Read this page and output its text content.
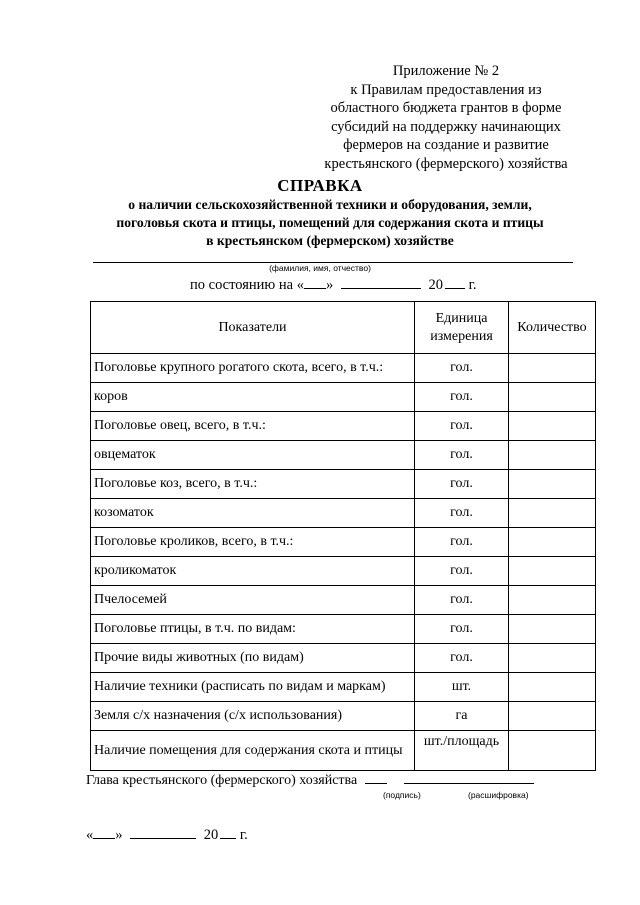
Приложение № 2
к Правилам предоставления из
областного бюджета грантов в форме
субсидий на поддержку начинающих
фермеров на создание и развитие
крестьянского (фермерского) хозяйства
СПРАВКА
о наличии сельскохозяйственной техники и оборудования, земли,
поголовья скота и птицы, помещений для содержания скота и птицы
в крестьянском (фермерском) хозяйстве
(фамилия, имя, отчество)
по состоянию на « »	20 г.
Показатели	Единица измерения	Количество
Поголовье крупного рогатого скота, всего, в т.ч.:	гол.	
коров	гол.	
Поголовье овец, всего, в т.ч.:	гол.	
овцематок	гол.	
Поголовье коз, всего, в т.ч.:	гол.	
козоматок	гол.	
Поголовье кроликов, всего, в т.ч.:	гол.	
кроликоматок	гол.	
Пчелосемей	гол.	
Поголовье птицы, в т.ч. по видам:	гол.	
Прочие виды животных (по видам)	гол.	
Наличие техники (расписать по видам и маркам)	шт.	
Земля с/х назначения (с/х использования)	га	
Наличие помещения для содержания скота и птицы	шт./площадь	
Глава крестьянского (фермерского) хозяйства
(подпись)	(расшифровка)
« »	20 г.
